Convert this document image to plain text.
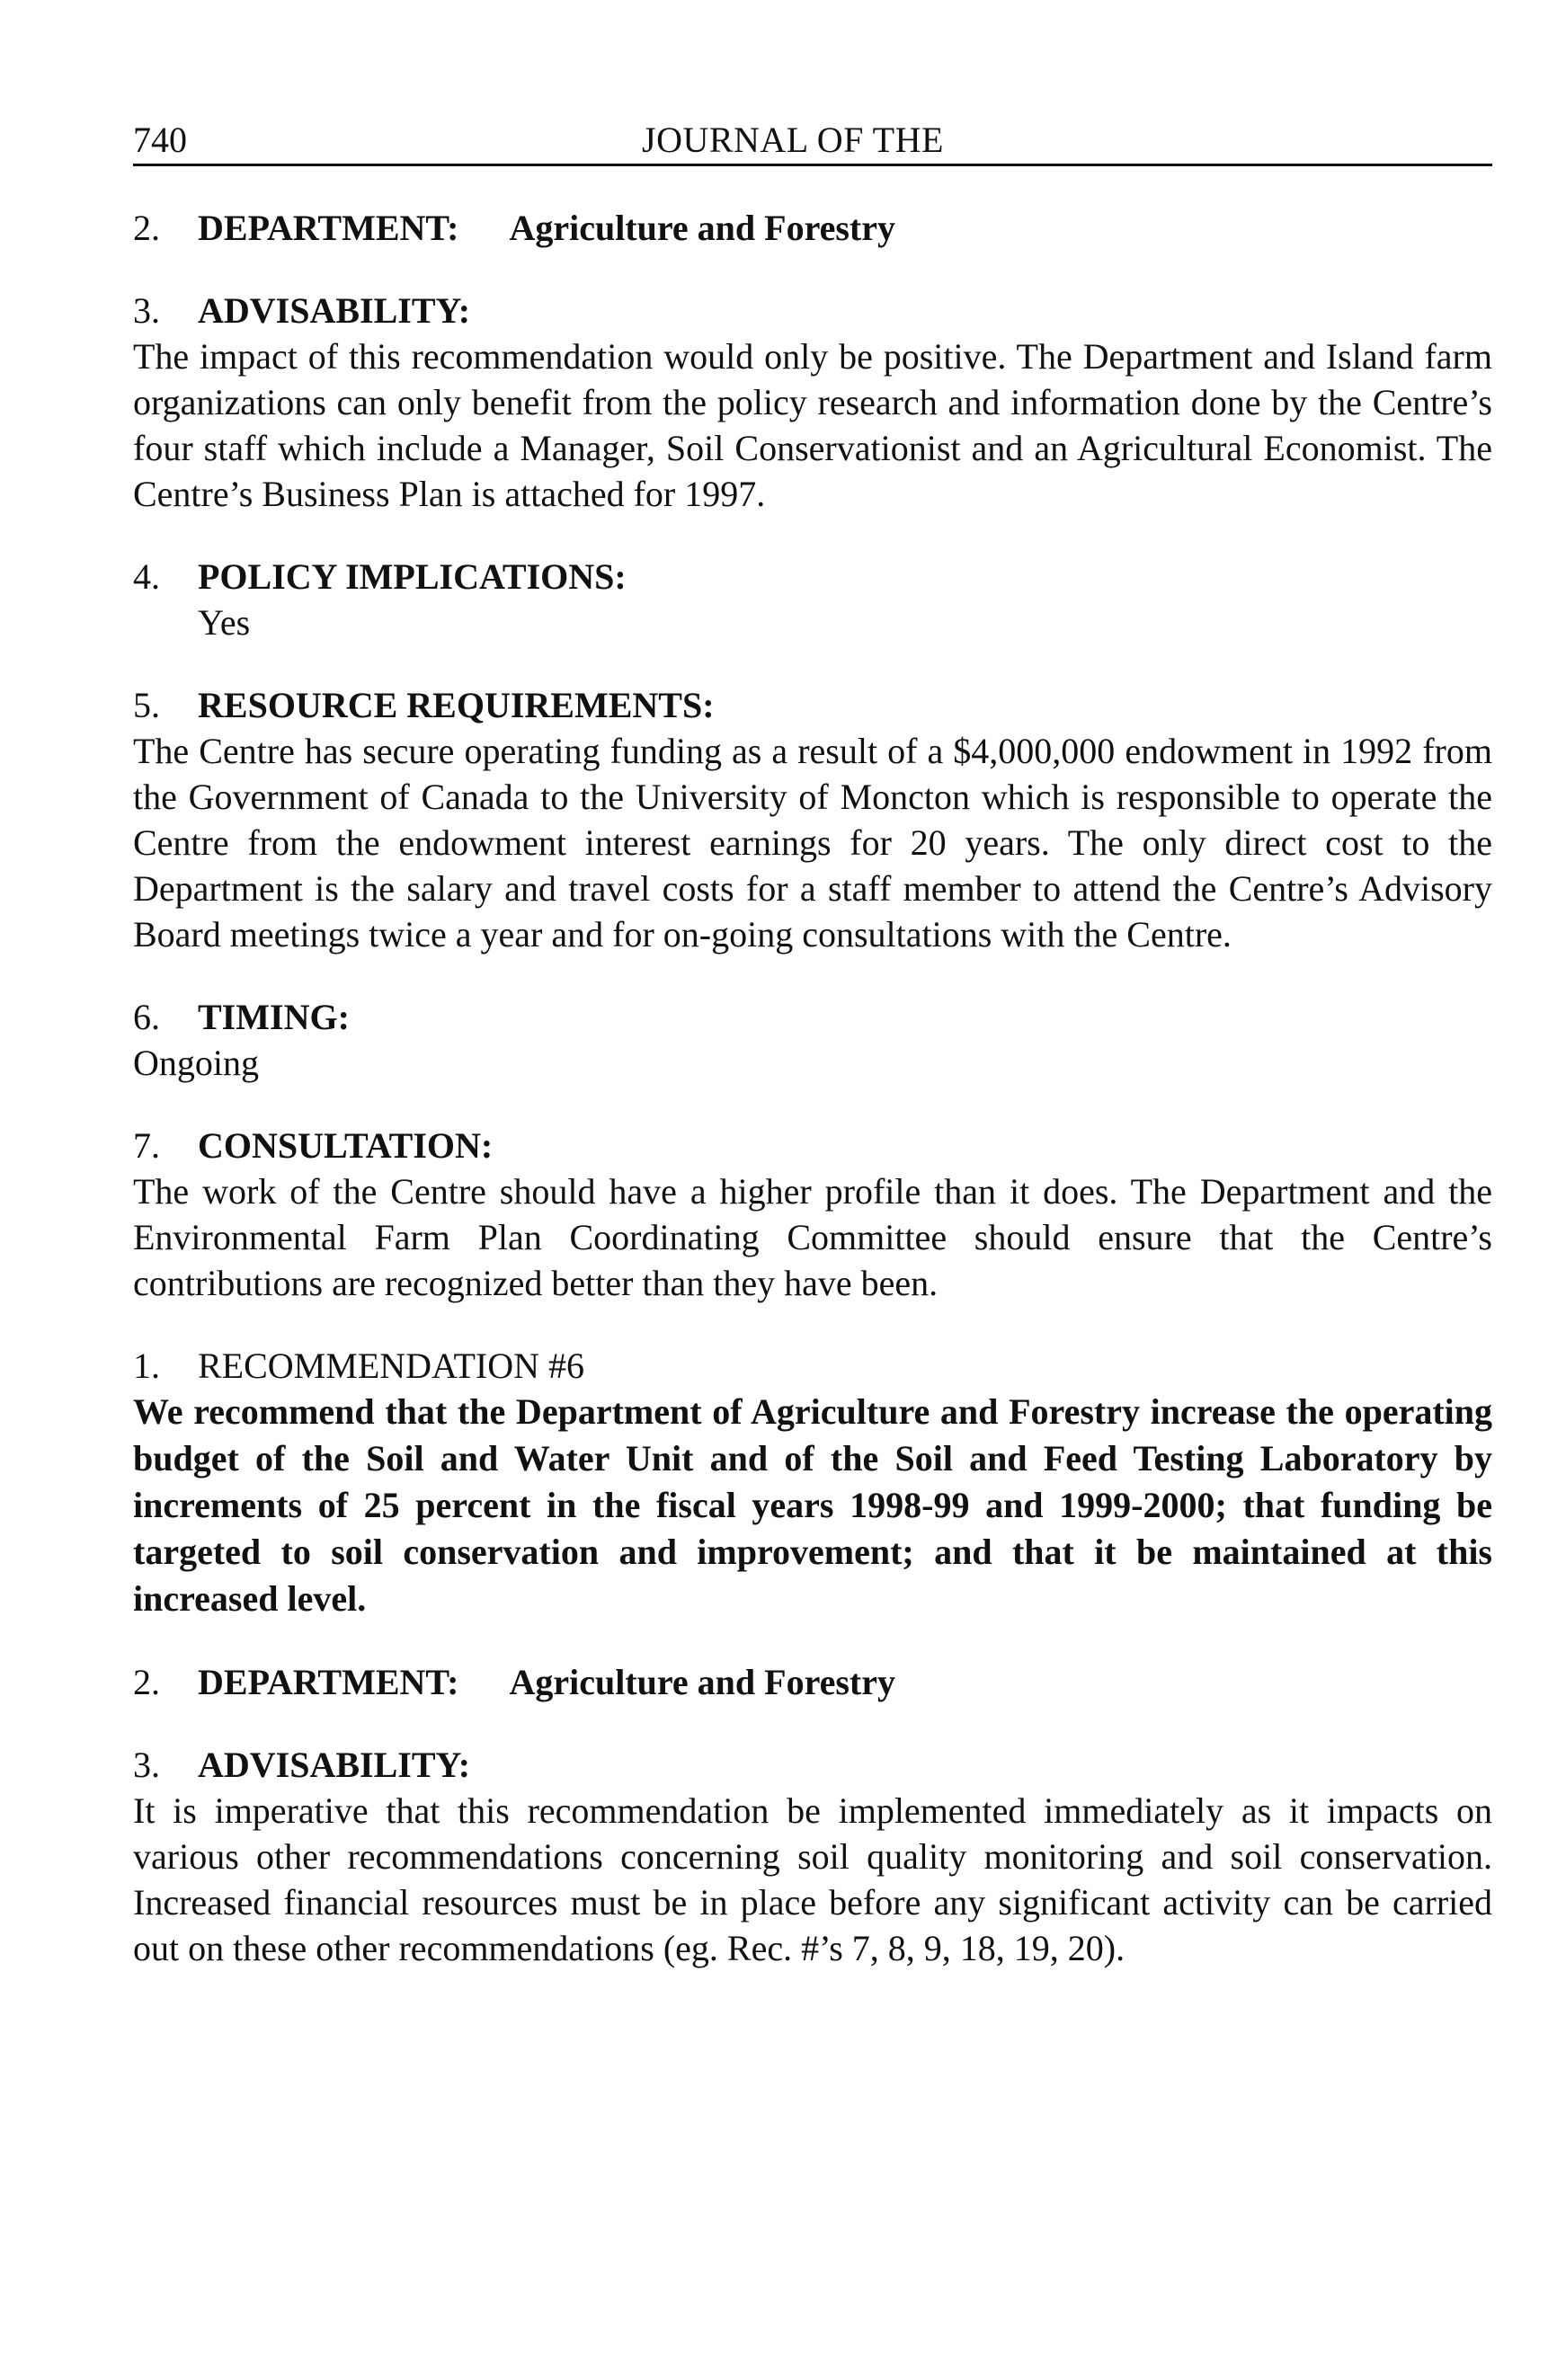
740	JOURNAL OF THE
2.	DEPARTMENT: Agriculture and Forestry
3.	ADVISABILITY:

The impact of this recommendation would only be positive. The Department and Island farm organizations can only benefit from the policy research and information done by the Centre’s four staff which include a Manager, Soil Conservationist and an Agricultural Economist. The Centre’s Business Plan is attached for 1997.

4.	POLICY IMPLICATIONS:

Yes

5.	RESOURCE REQUIREMENTS:

The Centre has secure operating funding as a result of a $4,000,000 endowment in 1992 from the Government of Canada to the University of Moncton which is responsible to operate the Centre from the endowment interest earnings for 20 years. The only direct cost to the Department is the salary and travel costs for a staff member to attend the Centre’s Advisory Board meetings twice a year and for on-going consultations with the Centre.

6.	TIMING:

Ongoing

7.	CONSULTATION:

The work of the Centre should have a higher profile than it does. The Department and the Environmental Farm Plan Coordinating Committee should ensure that the Centre’s contributions are recognized better than they have been.

1.	RECOMMENDATION #6

We recommend that the Department of Agriculture and Forestry increase the operating budget of the Soil and Water Unit and of the Soil and Feed Testing Laboratory by increments of 25 percent in the fiscal years 1998-99 and 1999-2000; that funding be targeted to soil conservation and improvement; and that it be maintained at this increased level.

2.	DEPARTMENT: Agriculture and Forestry
3.	ADVISABILITY:

It is imperative that this recommendation be implemented immediately as it impacts on various other recommendations concerning soil quality monitoring and soil conservation. Increased financial resources must be in place before any significant activity can be carried out on these other recommendations (eg. Rec. #’s 7, 8, 9, 18, 19, 20).
